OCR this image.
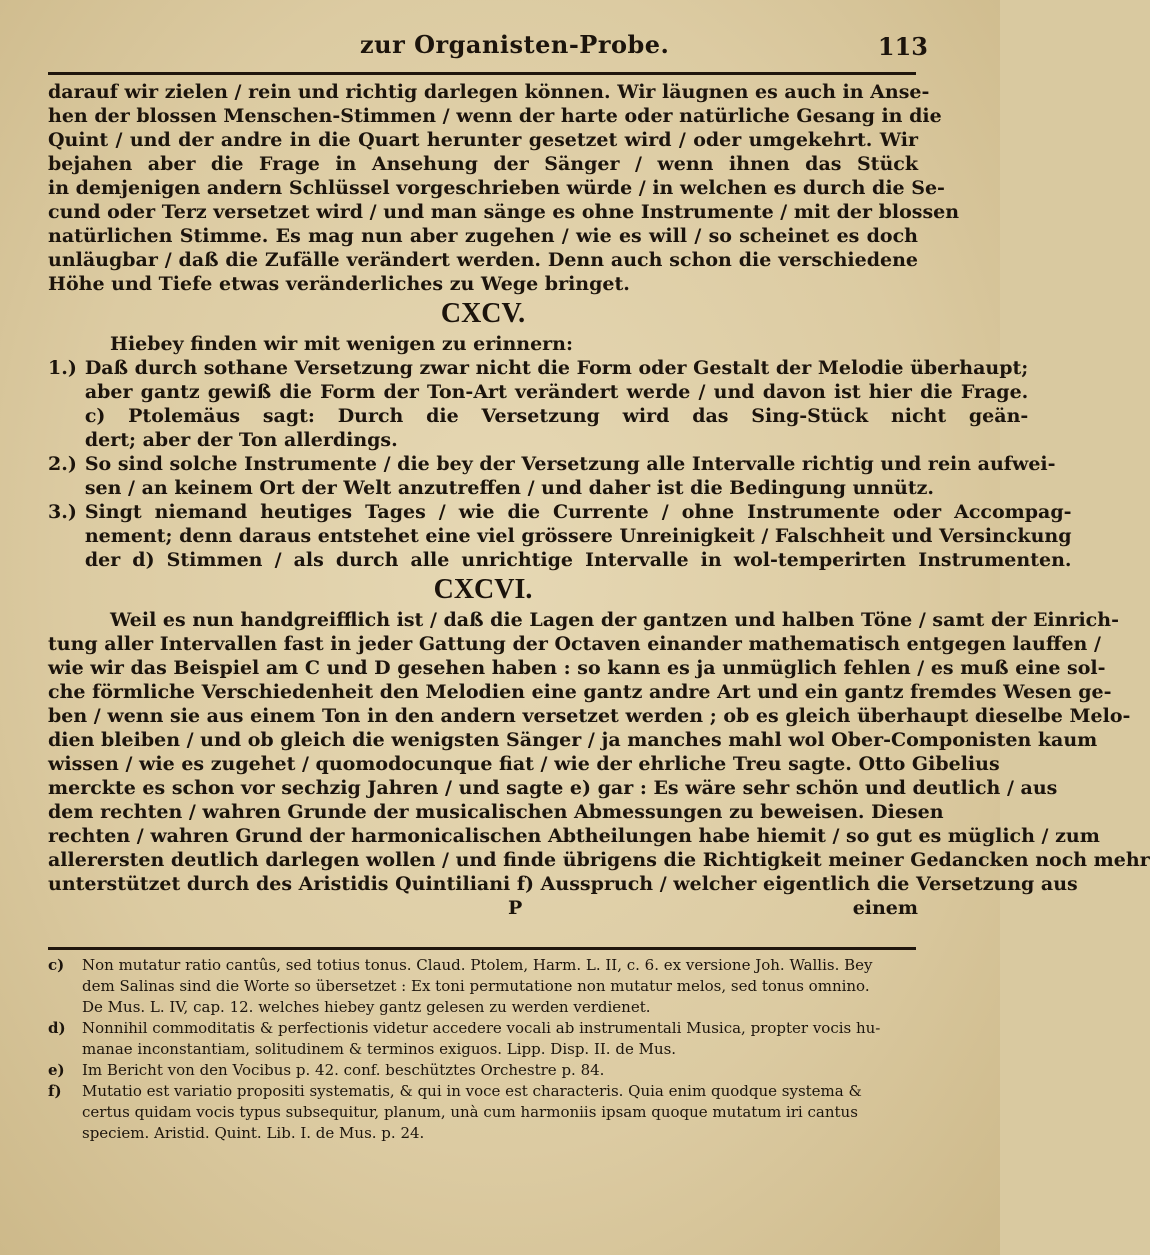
zur Organisten-Probe.	113
darauf wir zielen / rein und richtig darlegen können. Wir läugnen es auch in Anse-
hen der blossen Menschen-Stimmen / wenn der harte oder natürliche Gesang in die
Quint / und der andre in die Quart herunter gesetzet wird / oder umgekehrt. Wir
bejahen aber die Frage in Ansehung der Sänger / wenn ihnen das Stück
in demjenigen andern Schlüssel vorgeschrieben würde / in welchen es durch die Se-
cund oder Terz versetzet wird / und man sänge es ohne Instrumente / mit der blossen
natürlichen Stimme. Es mag nun aber zugehen / wie es will / so scheinet es doch
unläugbar / daß die Zufälle verändert werden. Denn auch schon die verschiedene
Höhe und Tiefe etwas veränderliches zu Wege bringet.
CXCV.
Hiebey finden wir mit wenigen zu erinnern:
1.) Daß durch sothane Versetzung zwar nicht die Form oder Gestalt der Melodie überhaupt;
aber gantz gewiß die Form der Ton-Art verändert werde / und davon ist hier die Frage.
c) Ptolemäus sagt: Durch die Versetzung wird das Sing-Stück nicht geän-
dert; aber der Ton allerdings.
2.) So sind solche Instrumente / die bey der Versetzung alle Intervalle richtig und rein aufwei-
sen / an keinem Ort der Welt anzutreffen / und daher ist die Bedingung unnütz.
3.) Singt niemand heutiges Tages / wie die Currente / ohne Instrumente oder Accompag-
nement; denn daraus entstehet eine viel grössere Unreinigkeit / Falschheit und Versinckung
der d) Stimmen / als durch alle unrichtige Intervalle in wol-temperirten Instrumenten.
CXCVI.
Weil es nun handgreifflich ist / daß die Lagen der gantzen und halben Töne / samt der Einrich-
tung aller Intervallen fast in jeder Gattung der Octaven einander mathematisch entgegen lauffen /
wie wir das Beispiel am C und D gesehen haben : so kann es ja unmüglich fehlen / es muß eine sol-
che förmliche Verschiedenheit den Melodien eine gantz andre Art und ein gantz fremdes Wesen ge-
ben / wenn sie aus einem Ton in den andern versetzet werden ; ob es gleich überhaupt dieselbe Melo-
dien bleiben / und ob gleich die wenigsten Sänger / ja manches mahl wol Ober-Componisten kaum
wissen / wie es zugehet / quomodocunque fiat / wie der ehrliche Treu sagte. Otto Gibelius
merckte es schon vor sechzig Jahren / und sagte e) gar : Es wäre sehr schön und deutlich / aus
dem rechten / wahren Grunde der musicalischen Abmessungen zu beweisen. Diesen
rechten / wahren Grund der harmonicalischen Abtheilungen habe hiemit / so gut es müglich / zum
allerersten deutlich darlegen wollen / und finde übrigens die Richtigkeit meiner Gedancken noch mehr
unterstützet durch des Aristidis Quintiliani f) Ausspruch / welcher eigentlich die Versetzung aus
P	einem
c)	Non mutatur ratio cantûs, sed totius tonus. Claud. Ptolem, Harm. L. II, c. 6. ex versione Joh. Wallis. Bey
dem Salinas sind die Worte so übersetzet : Ex toni permutatione non mutatur melos, sed tonus omnino.
De Mus. L. IV, cap. 12. welches hiebey gantz gelesen zu werden verdienet.
d)	Nonnihil commoditatis & perfectionis videtur accedere vocali ab instrumentali Musica, propter vocis hu-
manae inconstantiam, solitudinem & terminos exiguos. Lipp. Disp. II. de Mus.
e)	Im Bericht von den Vocibus p. 42. conf. beschütztes Orchestre p. 84.
f)	Mutatio est variatio propositi systematis, & qui in voce est characteris. Quia enim quodque systema &
certus quidam vocis typus subsequitur, planum, unà cum harmoniis ipsam quoque mutatum iri cantus
speciem. Aristid. Quint. Lib. I. de Mus. p. 24.
